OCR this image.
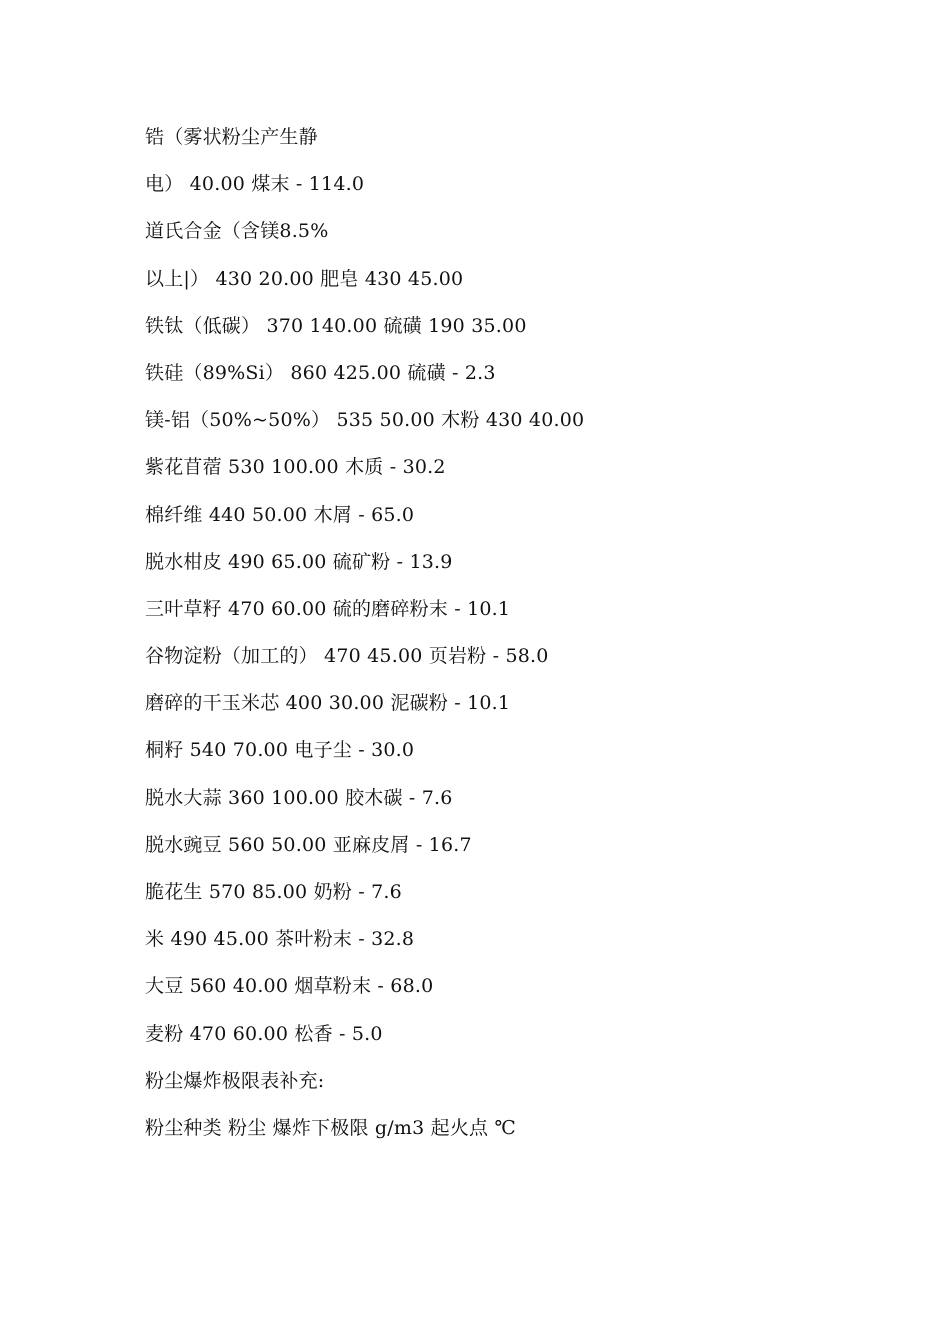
锆（雾状粉尘产生静
电） 40.00 煤末 - 114.0
道氏合金（含镁8.5%
以上|） 430 20.00 肥皂 430 45.00
铁钛（低碳） 370 140.00 硫磺 190 35.00
铁硅（89%Si） 860 425.00 硫磺 - 2.3
镁-铝（50%~50%） 535 50.00 木粉 430 40.00
紫花苜蓿 530 100.00 木质 - 30.2
棉纤维 440 50.00 木屑 - 65.0
脱水柑皮 490 65.00 硫矿粉 - 13.9
三叶草籽 470 60.00 硫的磨碎粉末 - 10.1
谷物淀粉（加工的） 470 45.00 页岩粉 - 58.0
磨碎的干玉米芯 400 30.00 泥碳粉 - 10.1
桐籽 540 70.00 电子尘 - 30.0
脱水大蒜 360 100.00 胶木碳 - 7.6
脱水豌豆 560 50.00 亚麻皮屑 - 16.7
脆花生 570 85.00 奶粉 - 7.6
米 490 45.00 茶叶粉末 - 32.8
大豆 560 40.00 烟草粉末 - 68.0
麦粉 470 60.00 松香 - 5.0
粉尘爆炸极限表补充:
粉尘种类 粉尘 爆炸下极限 g/m3 起火点 ℃
